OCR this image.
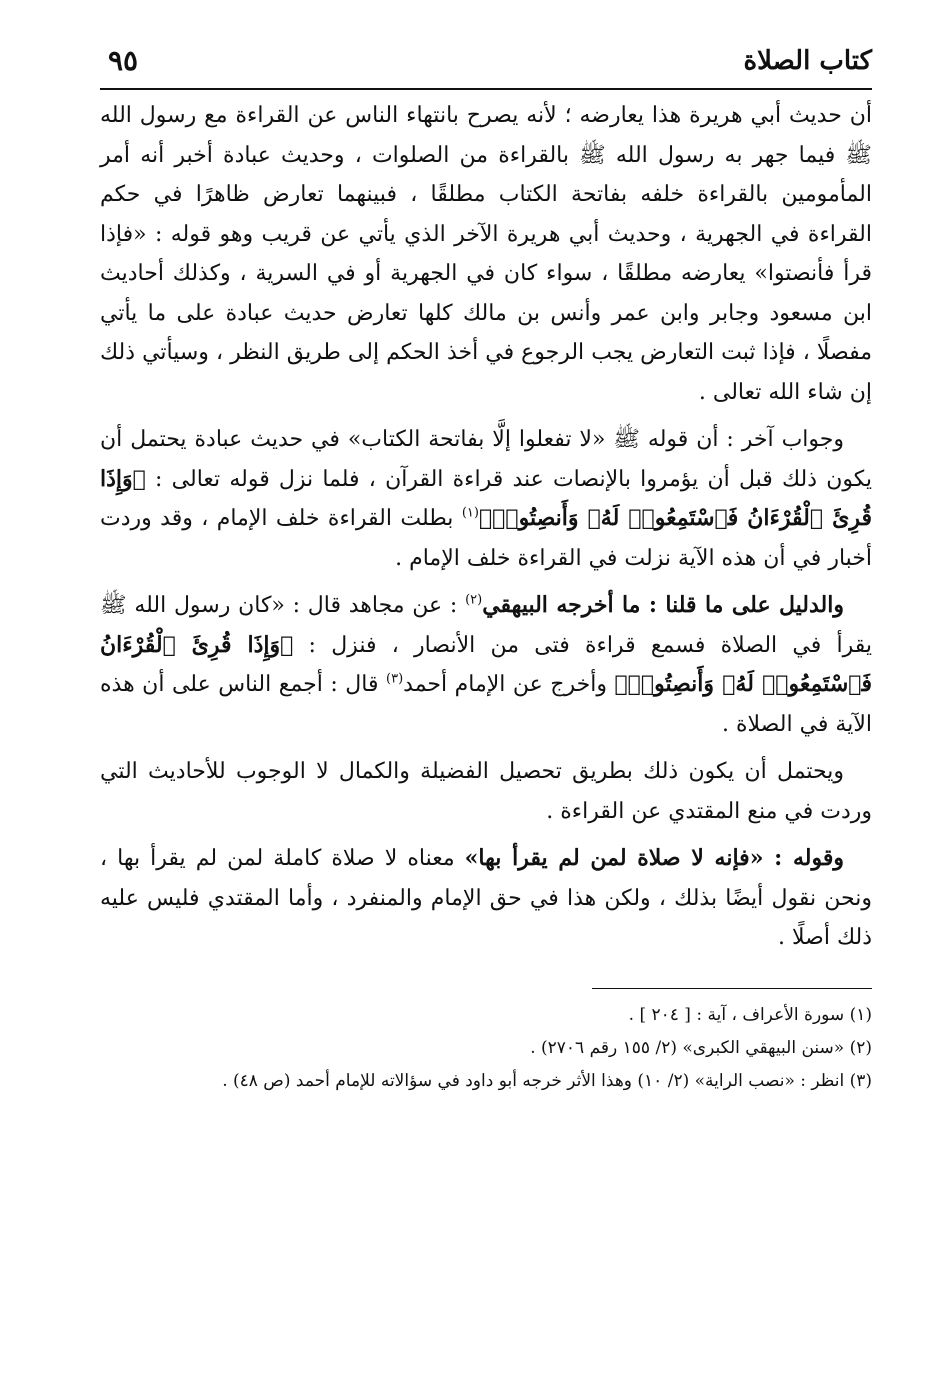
كتاب الصلاة
٩٥

أن حديث أبي هريرة هذا يعارضه ؛ لأنه يصرح بانتهاء الناس عن القراءة مع رسول الله ﷺ فيما جهر به رسول الله ﷺ بالقراءة من الصلوات ، وحديث عبادة أخبر أنه أمر المأمومين بالقراءة خلفه بفاتحة الكتاب مطلقًا ، فبينهما تعارض ظاهرًا في حكم القراءة في الجهرية ، وحديث أبي هريرة الآخر الذي يأتي عن قريب وهو قوله : «فإذا قرأ فأنصتوا» يعارضه مطلقًا ، سواء كان في الجهرية أو في السرية ، وكذلك أحاديث ابن مسعود وجابر وابن عمر وأنس بن مالك كلها تعارض حديث عبادة على ما يأتي مفصلًا ، فإذا ثبت التعارض يجب الرجوع في أخذ الحكم إلى طريق النظر ، وسيأتي ذلك إن شاء الله تعالى .

وجواب آخر : أن قوله ﷺ «لا تفعلوا إلَّا بفاتحة الكتاب» في حديث عبادة يحتمل أن يكون ذلك قبل أن يؤمروا بالإنصات عند قراءة القرآن ، فلما نزل قوله تعالى : ﴿وَإِذَا قُرِئَ ٱلْقُرْءَانُ فَٱسْتَمِعُوا۟ لَهُۥ وَأَنصِتُوا۟﴾$^{(١)}$ بطلت القراءة خلف الإمام ، وقد وردت أخبار في أن هذه الآية نزلت في القراءة خلف الإمام .

والدليل على ما قلنا : ما أخرجه البيهقي$^{(٢)}$ : عن مجاهد قال : «كان رسول الله ﷺ يقرأ في الصلاة فسمع قراءة فتى من الأنصار ، فنزل : ﴿وَإِذَا قُرِئَ ٱلْقُرْءَانُ فَٱسْتَمِعُوا۟ لَهُۥ وَأَنصِتُوا۟﴾ وأخرج عن الإمام أحمد$^{(٣)}$ قال : أجمع الناس على أن هذه الآية في الصلاة .

ويحتمل أن يكون ذلك بطريق تحصيل الفضيلة والكمال لا الوجوب للأحاديث التي وردت في منع المقتدي عن القراءة .

وقوله : «فإنه لا صلاة لمن لم يقرأ بها» معناه لا صلاة كاملة لمن لم يقرأ بها ، ونحن نقول أيضًا بذلك ، ولكن هذا في حق الإمام والمنفرد ، وأما المقتدي فليس عليه ذلك أصلًا .

(١) سورة الأعراف ، آية : [ ٢٠٤ ] .
(٢) «سنن البيهقي الكبرى» (٢/ ١٥٥ رقم ٢٧٠٦) .
(٣) انظر : «نصب الراية» (٢/ ١٠) وهذا الأثر خرجه أبو داود في سؤالاته للإمام أحمد (ص ٤٨) .
